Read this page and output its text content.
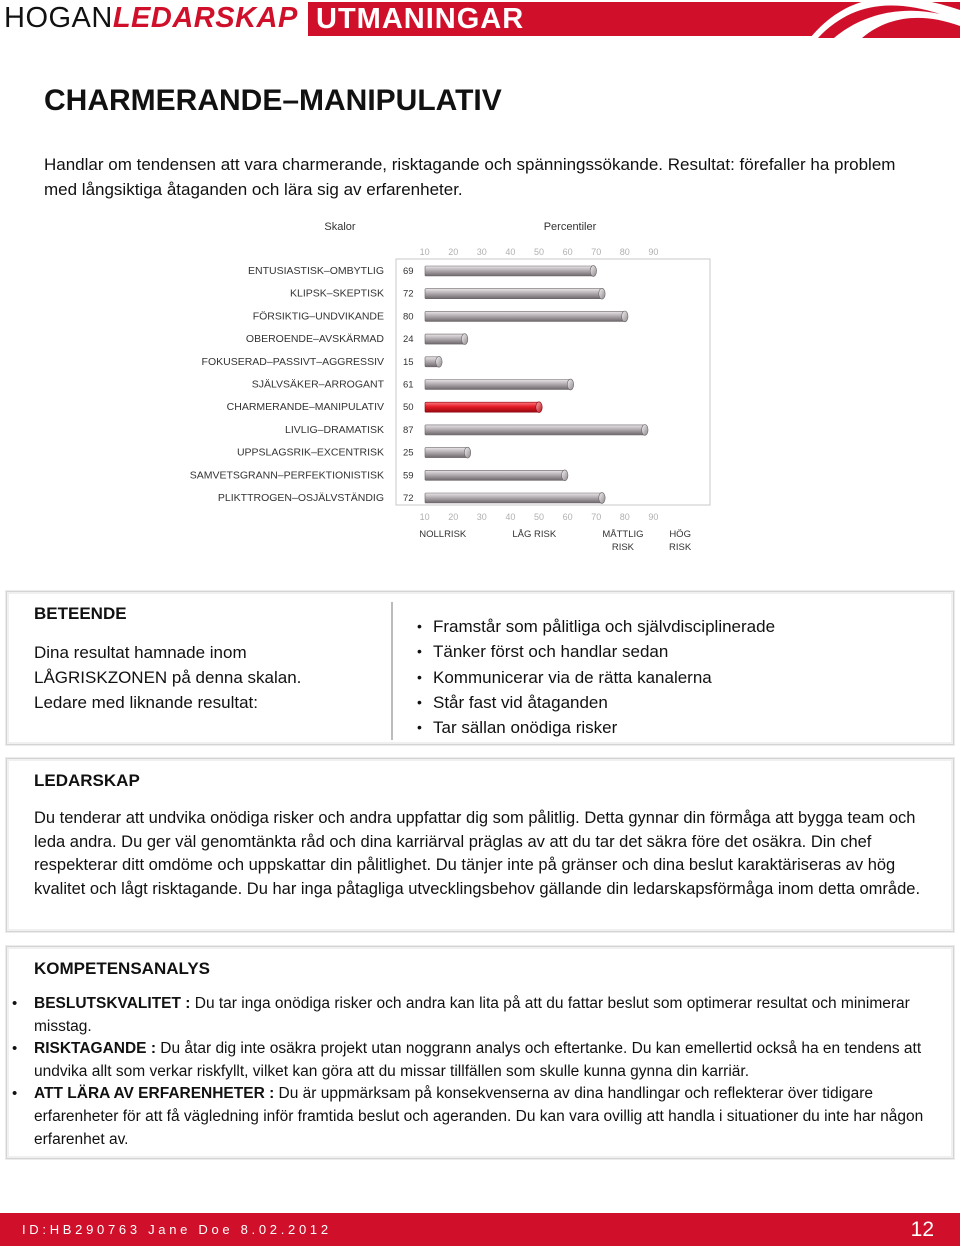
HOGANLEDARSKAP UTMANINGAR
CHARMERANDE–MANIPULATIV

Handlar om tendensen att vara charmerande, risktagande och spänningssökande. Resultat: förefaller ha problem med långsiktiga åtaganden och lära sig av erfarenheter.

Skalor	Percentiler
10 20 30 40 50 60 70 80 90
10 20 30 40 50 60 70 80 90
ENTUSIASTISK–OMBYTLIG 69
KLIPSK–SKEPTISK 72
FÖRSIKTIG–UNDVIKANDE 80
OBEROENDE–AVSKÄRMAD 24
FOKUSERAD–PASSIVT–AGGRESSIV 15
SJÄLVSÄKER–ARROGANT 61
CHARMERANDE–MANIPULATIV 50
LIVLIG–DRAMATISK 87
UPPSLAGSRIK–EXCENTRISK 25
SAMVETSGRANN–PERFEKTIONISTISK 59
PLIKTTROGEN–OSJÄLVSTÄNDIG 72
NOLLRISK	LÅG RISK	MÅTTLIG RISK
HÖG RISK
BETEENDE

Dina resultat hamnade inom LÅGRISKZONEN på denna skalan. Ledare med liknande resultat:

• Framstår som pålitliga och självdisciplinerade
• Tänker först och handlar sedan
• Kommunicerar via de rätta kanalerna
• Står fast vid åtaganden
• Tar sällan onödiga risker
LEDARSKAP

Du tenderar att undvika onödiga risker och andra uppfattar dig som pålitlig. Detta gynnar din förmåga att bygga team och leda andra. Du ger väl genomtänkta råd och dina karriärval präglas av att du tar det säkra före det osäkra. Din chef respekterar ditt omdöme och uppskattar din pålitlighet. Du tänjer inte på gränser och dina beslut karaktäriseras av hög kvalitet och lågt risktagande. Du har inga påtagliga utvecklingsbehov gällande din ledarskapsförmåga inom detta område.

KOMPETENSANALYS
• BESLUTSKVALITET : Du tar inga onödiga risker och andra kan lita på att du fattar beslut som optimerar resultat och minimerar misstag.
• RISKTAGANDE : Du åtar dig inte osäkra projekt utan noggrann analys och eftertanke. Du kan emellertid också ha en tendens att undvika allt som verkar riskfyllt, vilket kan göra att du missar tillfällen som skulle kunna gynna din karriär.
• ATT LÄRA AV ERFARENHETER : Du är uppmärksam på konsekvenserna av dina handlingar och reflekterar över tidigare erfarenheter för att få vägledning inför framtida beslut och ageranden. Du kan vara ovillig att handla i situationer du inte har någon erfarenhet av.
ID:HB290763 Jane Doe 8.02.2012	12
